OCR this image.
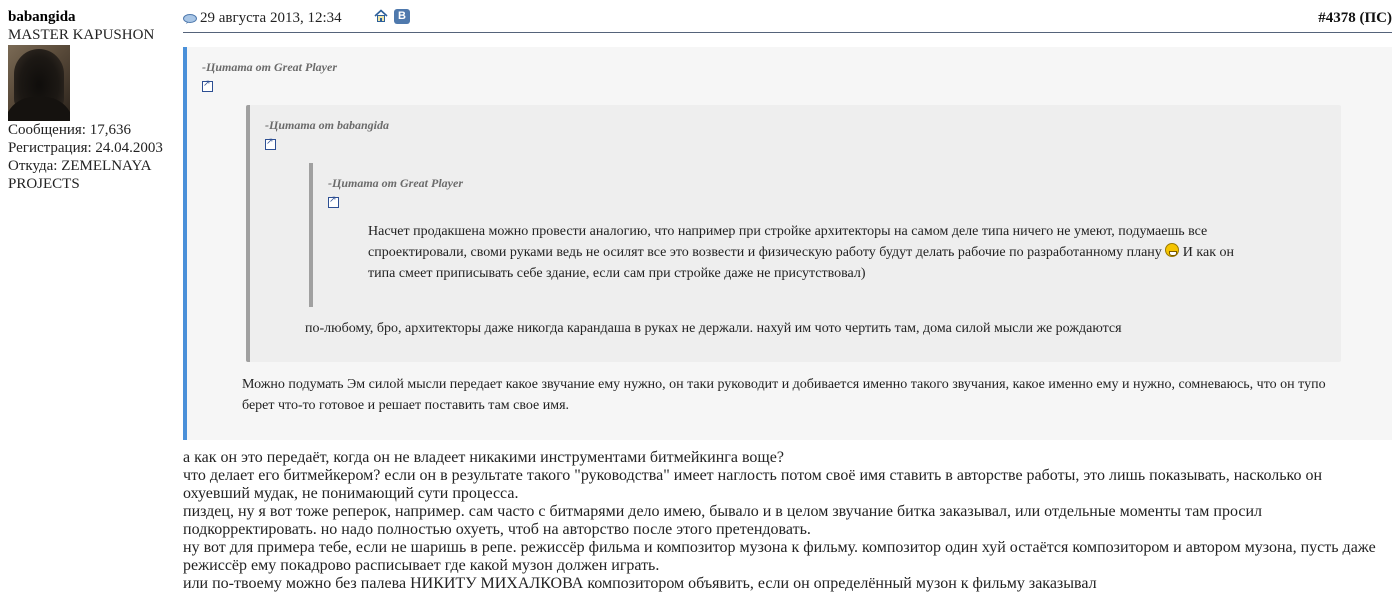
babangida
MASTER KAPUSHON
Сообщения: 17,636
Регистрация: 24.04.2003
Откуда: ZEMELNAYA
PROJECTS
29 августа 2013, 12:34	В	#4378 (ПС)
-Цитата от Great Player
↗
-Цитата от babangida
↗
-Цитата от Great Player
↗
Насчет продакшена можно провести аналогию, что например при стройке архитекторы на самом деле типа ничего не умеют, подумаешь все
спроектировали, своми руками ведь не осилят все это возвести и физическую работу будут делать рабочие по разработанному плану  И как он
типа смеет приписывать себе здание, если сам при стройке даже не присутствовал)
по-любому, бро, архитекторы даже никогда карандаша в руках не держали. нахуй им чото чертить там, дома силой мысли же рождаются
Можно подумать Эм силой мысли передает какое звучание ему нужно, он таки руководит и добивается именно такого звучания, какое именно ему и нужно, сомневаюсь, что он тупо
берет что-то готовое и решает поставить там свое имя.
а как он это передаёт, когда он не владеет никакими инструментами битмейкинга воще?
что делает его битмейкером? если он в результате такого "руководства" имеет наглость потом своё имя ставить в авторстве работы, это лишь показывать, насколько он
охуевший мудак, не понимающий сути процесса.
пиздец, ну я вот тоже реперок, например. сам часто с битмарями дело имею, бывало и в целом звучание битка заказывал, или отдельные моменты там просил
подкорректировать. но надо полностью охуеть, чтоб на авторство после этого претендовать.
ну вот для примера тебе, если не шаришь в репе. режиссёр фильма и композитор музона к фильму. композитор один хуй остаётся композитором и автором музона, пусть даже
режиссёр ему покадрово расписывает где какой музон должен играть.
или по-твоему можно без палева НИКИТУ МИХАЛКОВА композитором объявить, если он определённый музон к фильму заказывал
